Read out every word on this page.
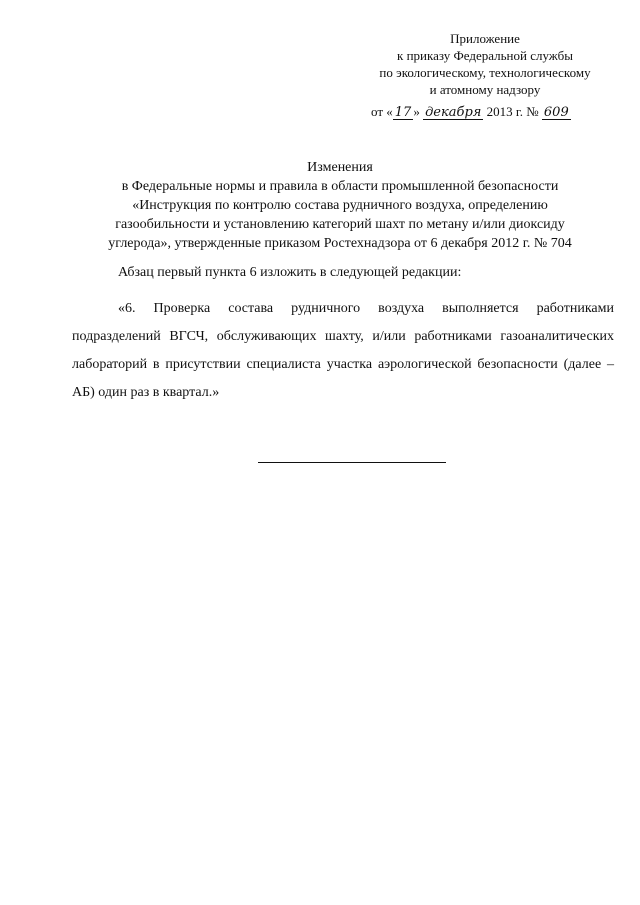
Приложение
к приказу Федеральной службы
по экологическому, технологическому
и атомному надзору
от « 17 » декабря 2013 г. № 609
Изменения
в Федеральные нормы и правила в области промышленной безопасности
«Инструкция по контролю состава рудничного воздуха, определению
газообильности и установлению категорий шахт по метану и/или диоксиду
углерода», утвержденные приказом Ростехнадзора от 6 декабря 2012 г. № 704
Абзац первый пункта 6 изложить в следующей редакции:
«6. Проверка состава рудничного воздуха выполняется работниками подразделений ВГСЧ, обслуживающих шахту, и/или работниками газоаналитических лабораторий в присутствии специалиста участка аэрологической безопасности (далее – АБ) один раз в квартал.»
